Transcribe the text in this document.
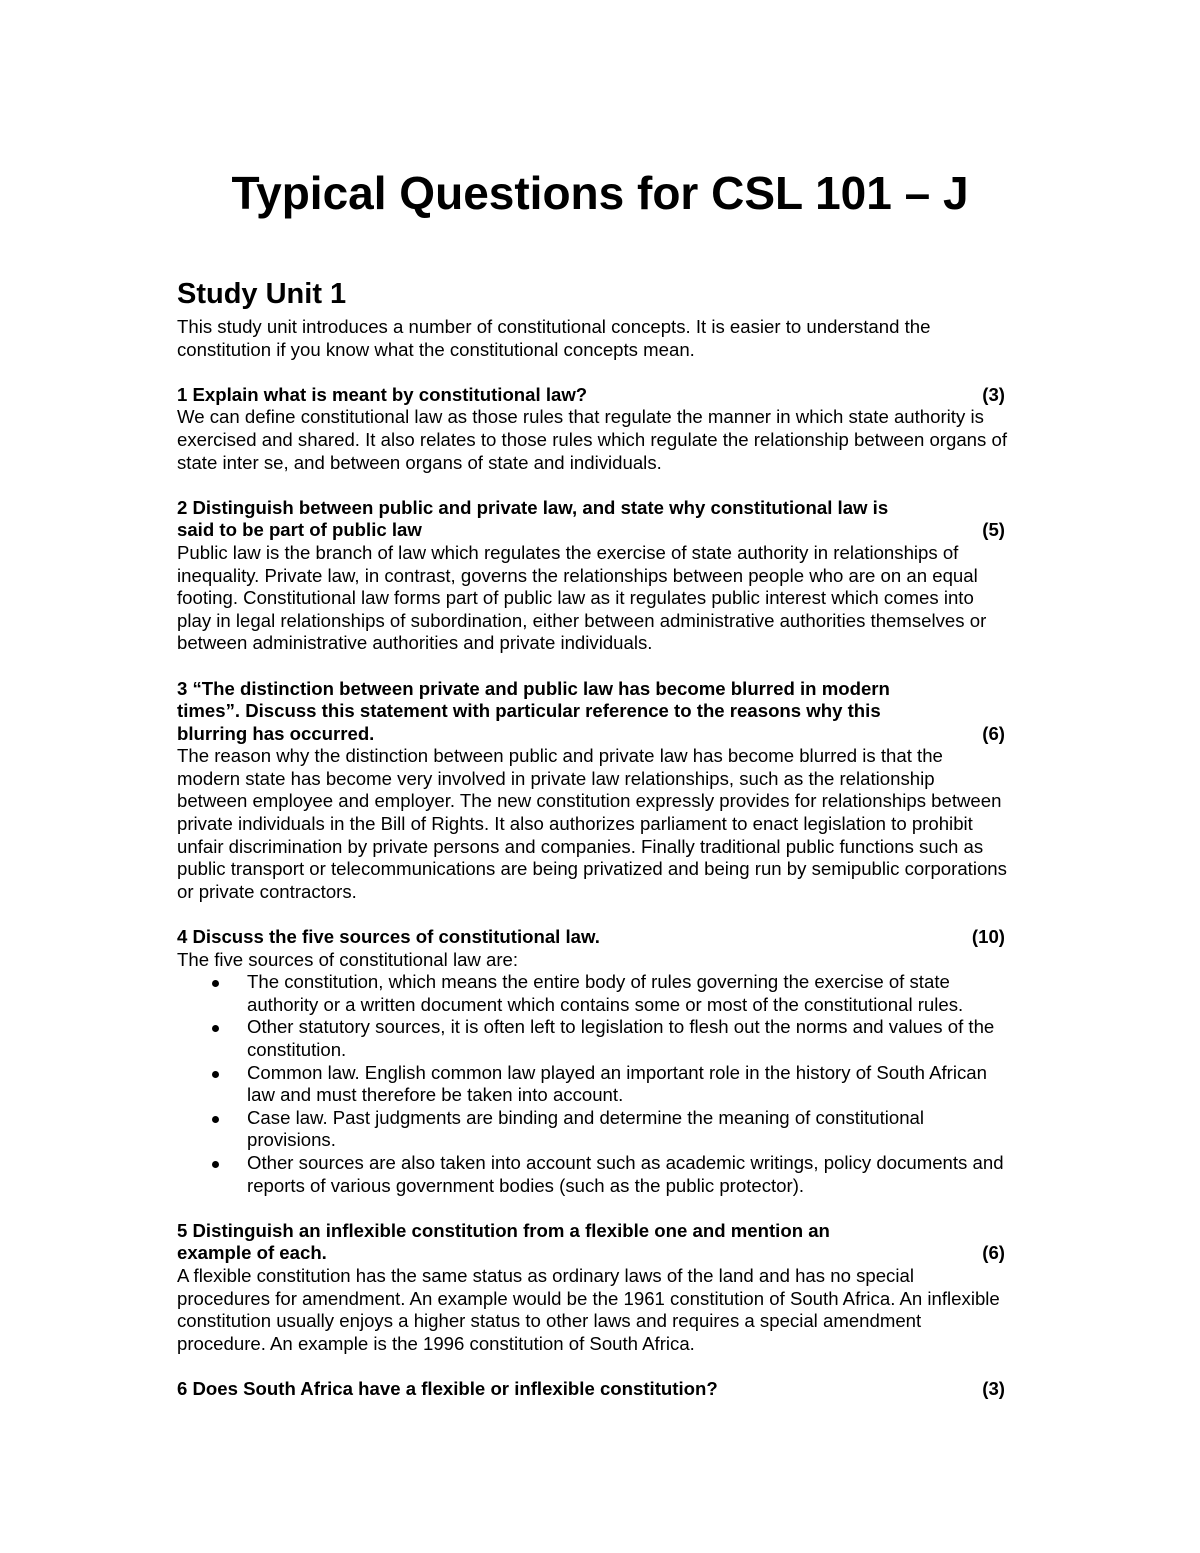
Typical Questions for CSL 101 – J
Study Unit 1

This study unit introduces a number of constitutional concepts. It is easier to understand the constitution if you know what the constitutional concepts mean.

1 Explain what is meant by constitutional law?	(3)

We can define constitutional law as those rules that regulate the manner in which state authority is exercised and shared. It also relates to those rules which regulate the relationship between organs of state inter se, and between organs of state and individuals.

2 Distinguish between public and private law, and state why constitutional law is
said to be part of public law	(5)

Public law is the branch of law which regulates the exercise of state authority in relationships of inequality. Private law, in contrast, governs the relationships between people who are on an equal footing. Constitutional law forms part of public law as it regulates public interest which comes into play in legal relationships of subordination, either between administrative authorities themselves or between administrative authorities and private individuals.

3 “The distinction between private and public law has become blurred in modern times”. Discuss this statement with particular reference to the reasons why this
blurring has occurred.	(6)

The reason why the distinction between public and private law has become blurred is that the modern state has become very involved in private law relationships, such as the relationship between employee and employer. The new constitution expressly provides for relationships between private individuals in the Bill of Rights. It also authorizes parliament to enact legislation to prohibit unfair discrimination by private persons and companies. Finally traditional public functions such as public transport or telecommunications are being privatized and being run by semipublic corporations or private contractors.

4 Discuss the five sources of constitutional law.	(10)

The five sources of constitutional law are:

The constitution, which means the entire body of rules governing the exercise of state authority or a written document which contains some or most of the constitutional rules.
Other statutory sources, it is often left to legislation to flesh out the norms and values of the constitution.
Common law. English common law played an important role in the history of South African law and must therefore be taken into account.
Case law. Past judgments are binding and determine the meaning of constitutional provisions.
Other sources are also taken into account such as academic writings, policy documents and reports of various government bodies (such as the public protector).
5 Distinguish an inflexible constitution from a flexible one and mention an
example of each.	(6)

A flexible constitution has the same status as ordinary laws of the land and has no special procedures for amendment. An example would be the 1961 constitution of South Africa. An inflexible constitution usually enjoys a higher status to other laws and requires a special amendment procedure. An example is the 1996 constitution of South Africa.

6 Does South Africa have a flexible or inflexible constitution?	(3)
